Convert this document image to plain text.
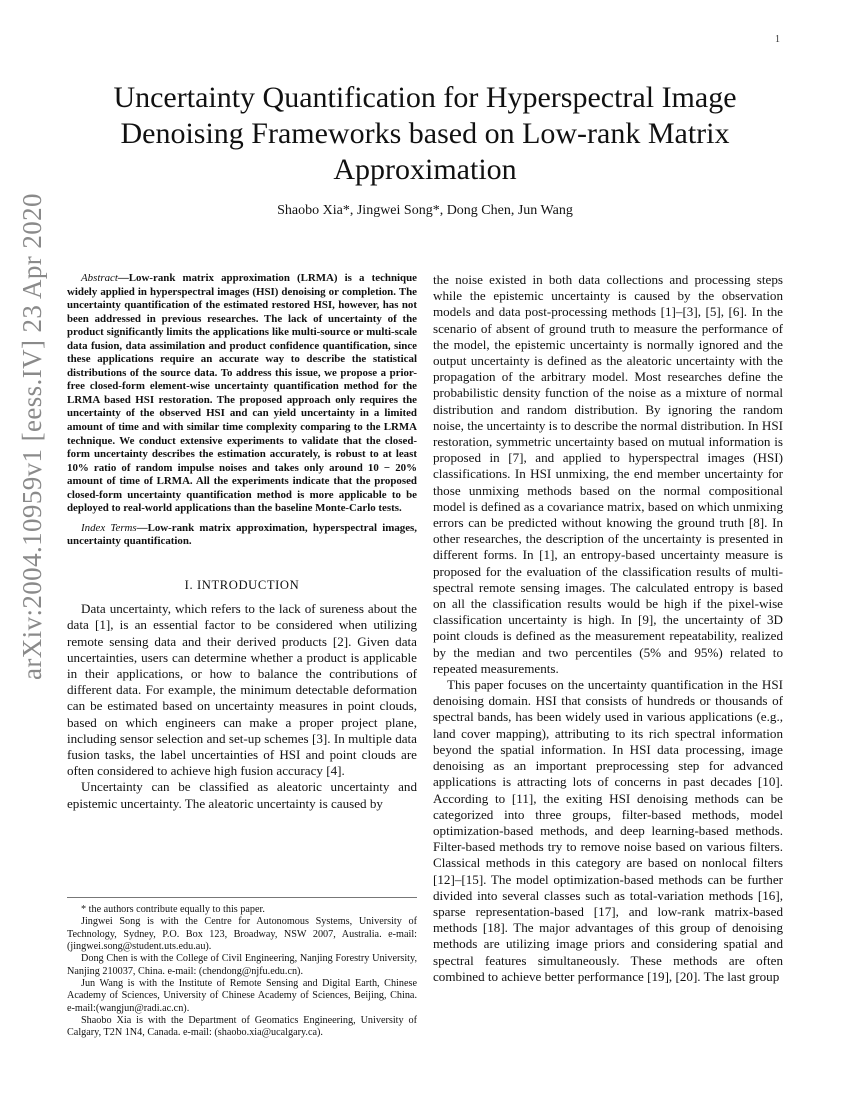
1
arXiv:2004.10959v1 [eess.IV] 23 Apr 2020
Uncertainty Quantification for Hyperspectral Image Denoising Frameworks based on Low-rank Matrix Approximation
Shaobo Xia*, Jingwei Song*, Dong Chen, Jun Wang

Abstract—Low-rank matrix approximation (LRMA) is a technique widely applied in hyperspectral images (HSI) denoising or completion. The uncertainty quantification of the estimated restored HSI, however, has not been addressed in previous researches. The lack of uncertainty of the product significantly limits the applications like multi-source or multi-scale data fusion, data assimilation and product confidence quantification, since these applications require an accurate way to describe the statistical distributions of the source data. To address this issue, we propose a prior-free closed-form element-wise uncertainty quantification method for the LRMA based HSI restoration. The proposed approach only requires the uncertainty of the observed HSI and can yield uncertainty in a limited amount of time and with similar time complexity comparing to the LRMA technique. We conduct extensive experiments to validate that the closed-form uncertainty describes the estimation accurately, is robust to at least 10% ratio of random impulse noises and takes only around 10 − 20% amount of time of LRMA. All the experiments indicate that the proposed closed-form uncertainty quantification method is more applicable to be deployed to real-world applications than the baseline Monte-Carlo tests.

Index Terms—Low-rank matrix approximation, hyperspectral images, uncertainty quantification.

I. INTRODUCTION

Data uncertainty, which refers to the lack of sureness about the data [1], is an essential factor to be considered when utilizing remote sensing data and their derived products [2]. Given data uncertainties, users can determine whether a product is applicable in their applications, or how to balance the contributions of different data. For example, the minimum detectable deformation can be estimated based on uncertainty measures in point clouds, based on which engineers can make a proper project plane, including sensor selection and set-up schemes [3]. In multiple data fusion tasks, the label uncertainties of HSI and point clouds are often considered to achieve high fusion accuracy [4].

Uncertainty can be classified as aleatoric uncertainty and epistemic uncertainty. The aleatoric uncertainty is caused by

* the authors contribute equally to this paper.

Jingwei Song is with the Centre for Autonomous Systems, University of Technology, Sydney, P.O. Box 123, Broadway, NSW 2007, Australia. e-mail:(jingwei.song@student.uts.edu.au).

Dong Chen is with the College of Civil Engineering, Nanjing Forestry University, Nanjing 210037, China. e-mail: (chendong@njfu.edu.cn).

Jun Wang is with the Institute of Remote Sensing and Digital Earth, Chinese Academy of Sciences, University of Chinese Academy of Sciences, Beijing, China. e-mail:(wangjun@radi.ac.cn).

Shaobo Xia is with the Department of Geomatics Engineering, University of Calgary, T2N 1N4, Canada. e-mail: (shaobo.xia@ucalgary.ca).

the noise existed in both data collections and processing steps while the epistemic uncertainty is caused by the observation models and data post-processing methods [1]–[3], [5], [6]. In the scenario of absent of ground truth to measure the performance of the model, the epistemic uncertainty is normally ignored and the output uncertainty is defined as the aleatoric uncertainty with the propagation of the arbitrary model. Most researches define the probabilistic density function of the noise as a mixture of normal distribution and random distribution. By ignoring the random noise, the uncertainty is to describe the normal distribution. In HSI restoration, symmetric uncertainty based on mutual information is proposed in [7], and applied to hyperspectral images (HSI) classifications. In HSI unmixing, the end member uncertainty for those unmixing methods based on the normal compositional model is defined as a covariance matrix, based on which unmixing errors can be predicted without knowing the ground truth [8]. In other researches, the description of the uncertainty is presented in different forms. In [1], an entropy-based uncertainty measure is proposed for the evaluation of the classification results of multi-spectral remote sensing images. The calculated entropy is based on all the classification results would be high if the pixel-wise classification uncertainty is high. In [9], the uncertainty of 3D point clouds is defined as the measurement repeatability, realized by the median and two percentiles (5% and 95%) related to repeated measurements.

This paper focuses on the uncertainty quantification in the HSI denoising domain. HSI that consists of hundreds or thousands of spectral bands, has been widely used in various applications (e.g., land cover mapping), attributing to its rich spectral information beyond the spatial information. In HSI data processing, image denoising as an important preprocessing step for advanced applications is attracting lots of concerns in past decades [10]. According to [11], the exiting HSI denoising methods can be categorized into three groups, filter-based methods, model optimization-based methods, and deep learning-based methods. Filter-based methods try to remove noise based on various filters. Classical methods in this category are based on nonlocal filters [12]–[15]. The model optimization-based methods can be further divided into several classes such as total-variation methods [16], sparse representation-based [17], and low-rank matrix-based methods [18]. The major advantages of this group of denoising methods are utilizing image priors and considering spatial and spectral features simultaneously. These methods are often combined to achieve better performance [19], [20]. The last group
